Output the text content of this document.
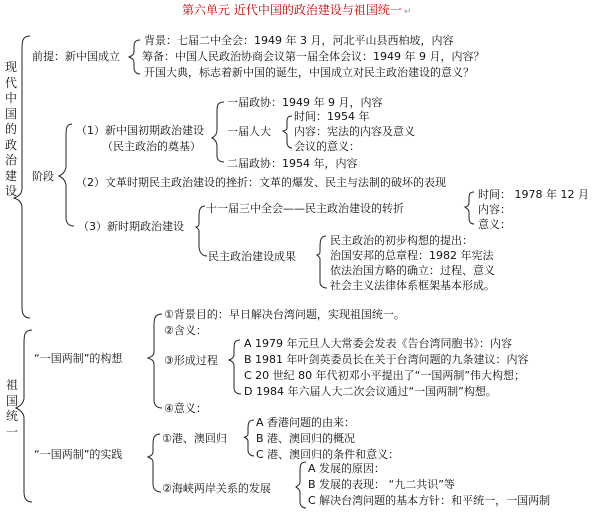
第六单元 近代中国的政治建设与祖国统一 ↵
现代中国的政治建设
前提：新中国成立
背景：七届二中全会：1949 年 3 月，河北平山县西柏坡，内容
筹备：中国人民政治协商会议第一届全体会议：1949 年 9 月，内容？
开国大典，标志着新中国的诞生，中国成立对民主政治建设的意义？
阶段
（1）新中国初期政治建设
（民主政治的奠基）
一届政协：1949 年 9 月，内容
一届人大
时间：1954 年
内容：宪法的内容及意义
会议的意义：
二届政协：1954 年，内容
（2）文革时期民主政治建设的挫折：文革的爆发、民主与法制的破坏的表现
（3）新时期政治建设
十一届三中全会——民主政治建设的转折
时间： 1978 年 12 月
内容：
意义：
民主政治建设成果
民主政治的初步构想的提出：
治国安邦的总章程：1982 年宪法
依法治国方略的确立：过程、意义
社会主义法律体系框架基本形成。
祖国统一
“一国两制”的构想
①背景目的：早日解决台湾问题，实现祖国统一。
②含义：
③形成过程
④意义：
A 1979 年元旦人大常委会发表《告台湾同胞书》：内容
B 1981 年叶剑英委员长在关于台湾问题的九条建议：内容
C 20 世纪 80 年代初邓小平提出了“一国两制”伟大构想；
D 1984 年六届人大二次会议通过“一国两制”构想。
“一国两制”的实践
①港、澳回归
A 香港问题的由来：
B 港、澳回归的概况
C 港、澳回归的条件和意义：
②海峡两岸关系的发展
A 发展的原因：
B 发展的表现： “九二共识”等
C 解决台湾问题的基本方针：和平统一，一国两制
